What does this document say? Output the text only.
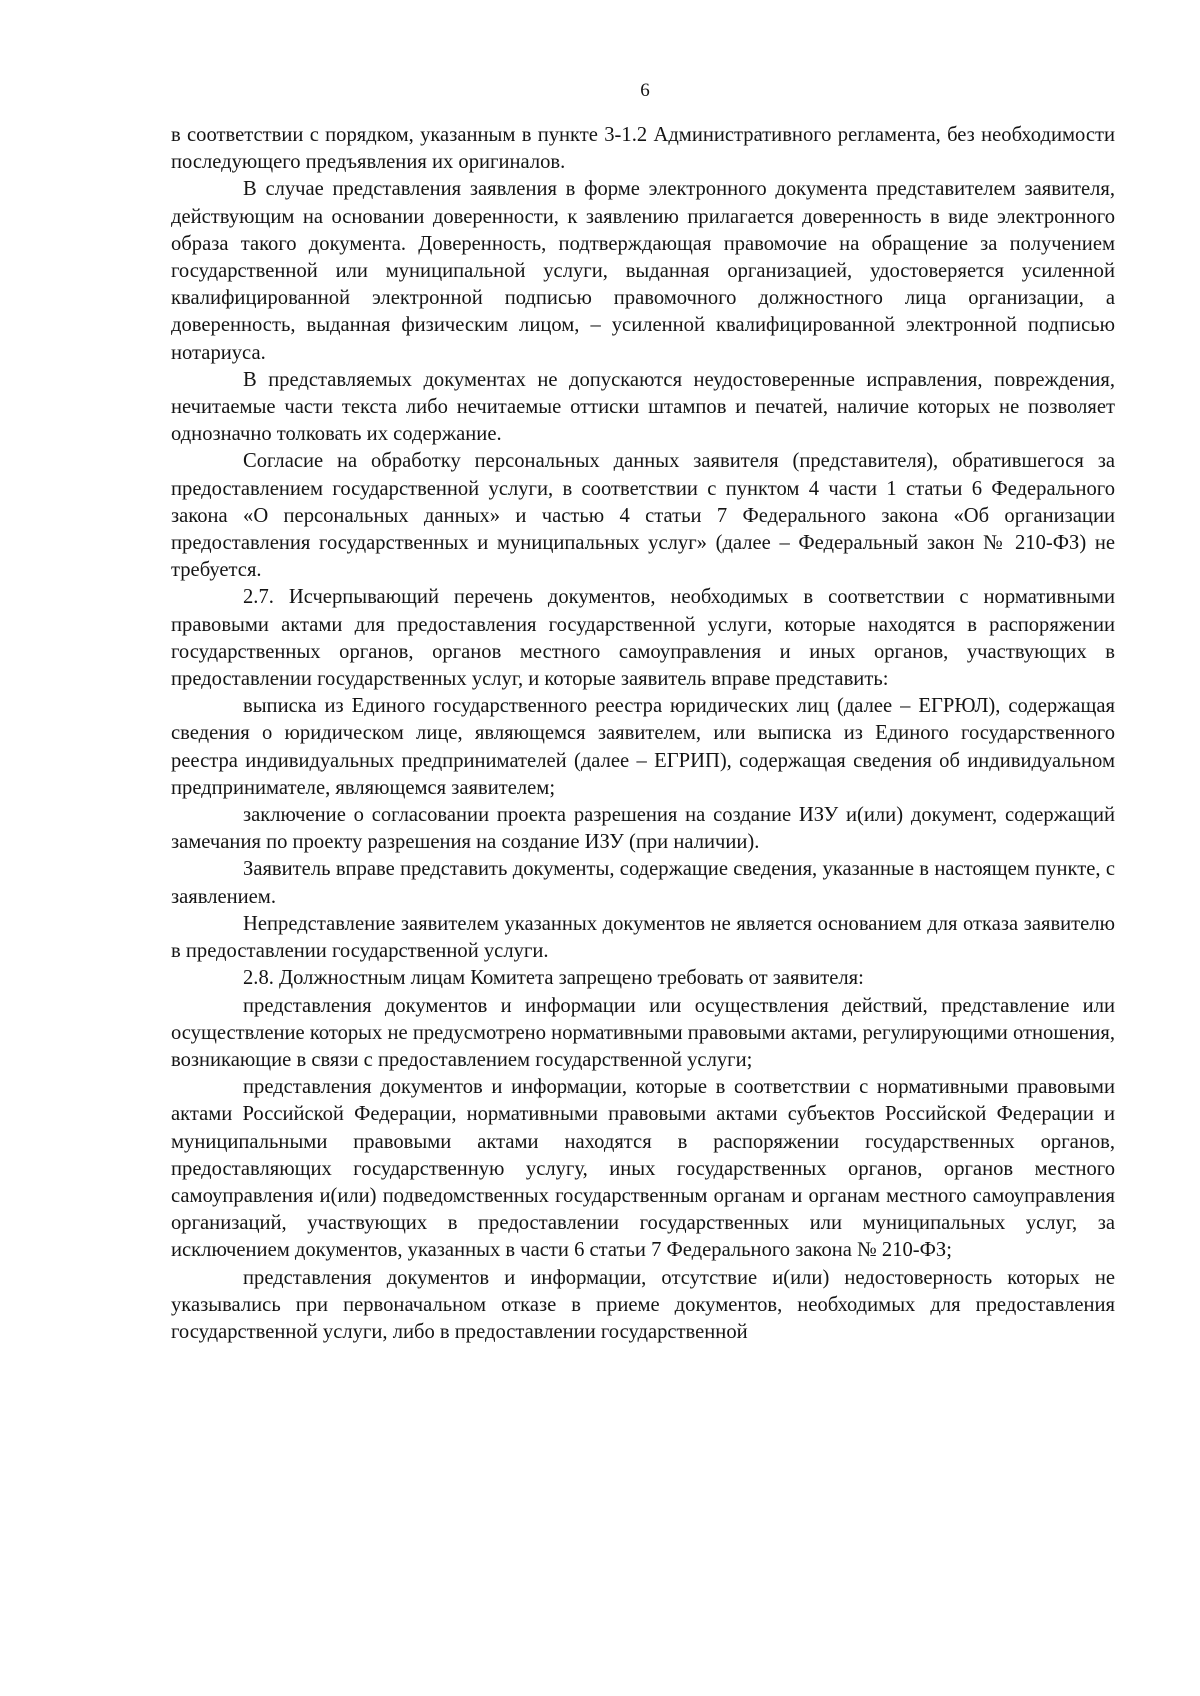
6

в соответствии с порядком, указанным в пункте 3-1.2 Административного регламента, без необходимости последующего предъявления их оригиналов.

В случае представления заявления в форме электронного документа представителем заявителя, действующим на основании доверенности, к заявлению прилагается доверенность в виде электронного образа такого документа. Доверенность, подтверждающая правомочие на обращение за получением государственной или муниципальной услуги, выданная организацией, удостоверяется усиленной квалифицированной электронной подписью правомочного должностного лица организации, а доверенность, выданная физическим лицом, – усиленной квалифицированной электронной подписью нотариуса.

В представляемых документах не допускаются неудостоверенные исправления, повреждения, нечитаемые части текста либо нечитаемые оттиски штампов и печатей, наличие которых не позволяет однозначно толковать их содержание.

Согласие на обработку персональных данных заявителя (представителя), обратившегося за предоставлением государственной услуги, в соответствии с пунктом 4 части 1 статьи 6 Федерального закона «О персональных данных» и частью 4 статьи 7 Федерального закона «Об организации предоставления государственных и муниципальных услуг» (далее – Федеральный закон № 210-ФЗ) не требуется.

2.7. Исчерпывающий перечень документов, необходимых в соответствии с нормативными правовыми актами для предоставления государственной услуги, которые находятся в распоряжении государственных органов, органов местного самоуправления и иных органов, участвующих в предоставлении государственных услуг, и которые заявитель вправе представить:

выписка из Единого государственного реестра юридических лиц (далее – ЕГРЮЛ), содержащая сведения о юридическом лице, являющемся заявителем, или выписка из Единого государственного реестра индивидуальных предпринимателей (далее – ЕГРИП), содержащая сведения об индивидуальном предпринимателе, являющемся заявителем;

заключение о согласовании проекта разрешения на создание ИЗУ и(или) документ, содержащий замечания по проекту разрешения на создание ИЗУ (при наличии).

Заявитель вправе представить документы, содержащие сведения, указанные в настоящем пункте, с заявлением.

Непредставление заявителем указанных документов не является основанием для отказа заявителю в предоставлении государственной услуги.

2.8. Должностным лицам Комитета запрещено требовать от заявителя:

представления документов и информации или осуществления действий, представление или осуществление которых не предусмотрено нормативными правовыми актами, регулирующими отношения, возникающие в связи с предоставлением государственной услуги;

представления документов и информации, которые в соответствии с нормативными правовыми актами Российской Федерации, нормативными правовыми актами субъектов Российской Федерации и муниципальными правовыми актами находятся в распоряжении государственных органов, предоставляющих государственную услугу, иных государственных органов, органов местного самоуправления и(или) подведомственных государственным органам и органам местного самоуправления организаций, участвующих в предоставлении государственных или муниципальных услуг, за исключением документов, указанных в части 6 статьи 7 Федерального закона № 210-ФЗ;

представления документов и информации, отсутствие и(или) недостоверность которых не указывались при первоначальном отказе в приеме документов, необходимых для предоставления государственной услуги, либо в предоставлении государственной
